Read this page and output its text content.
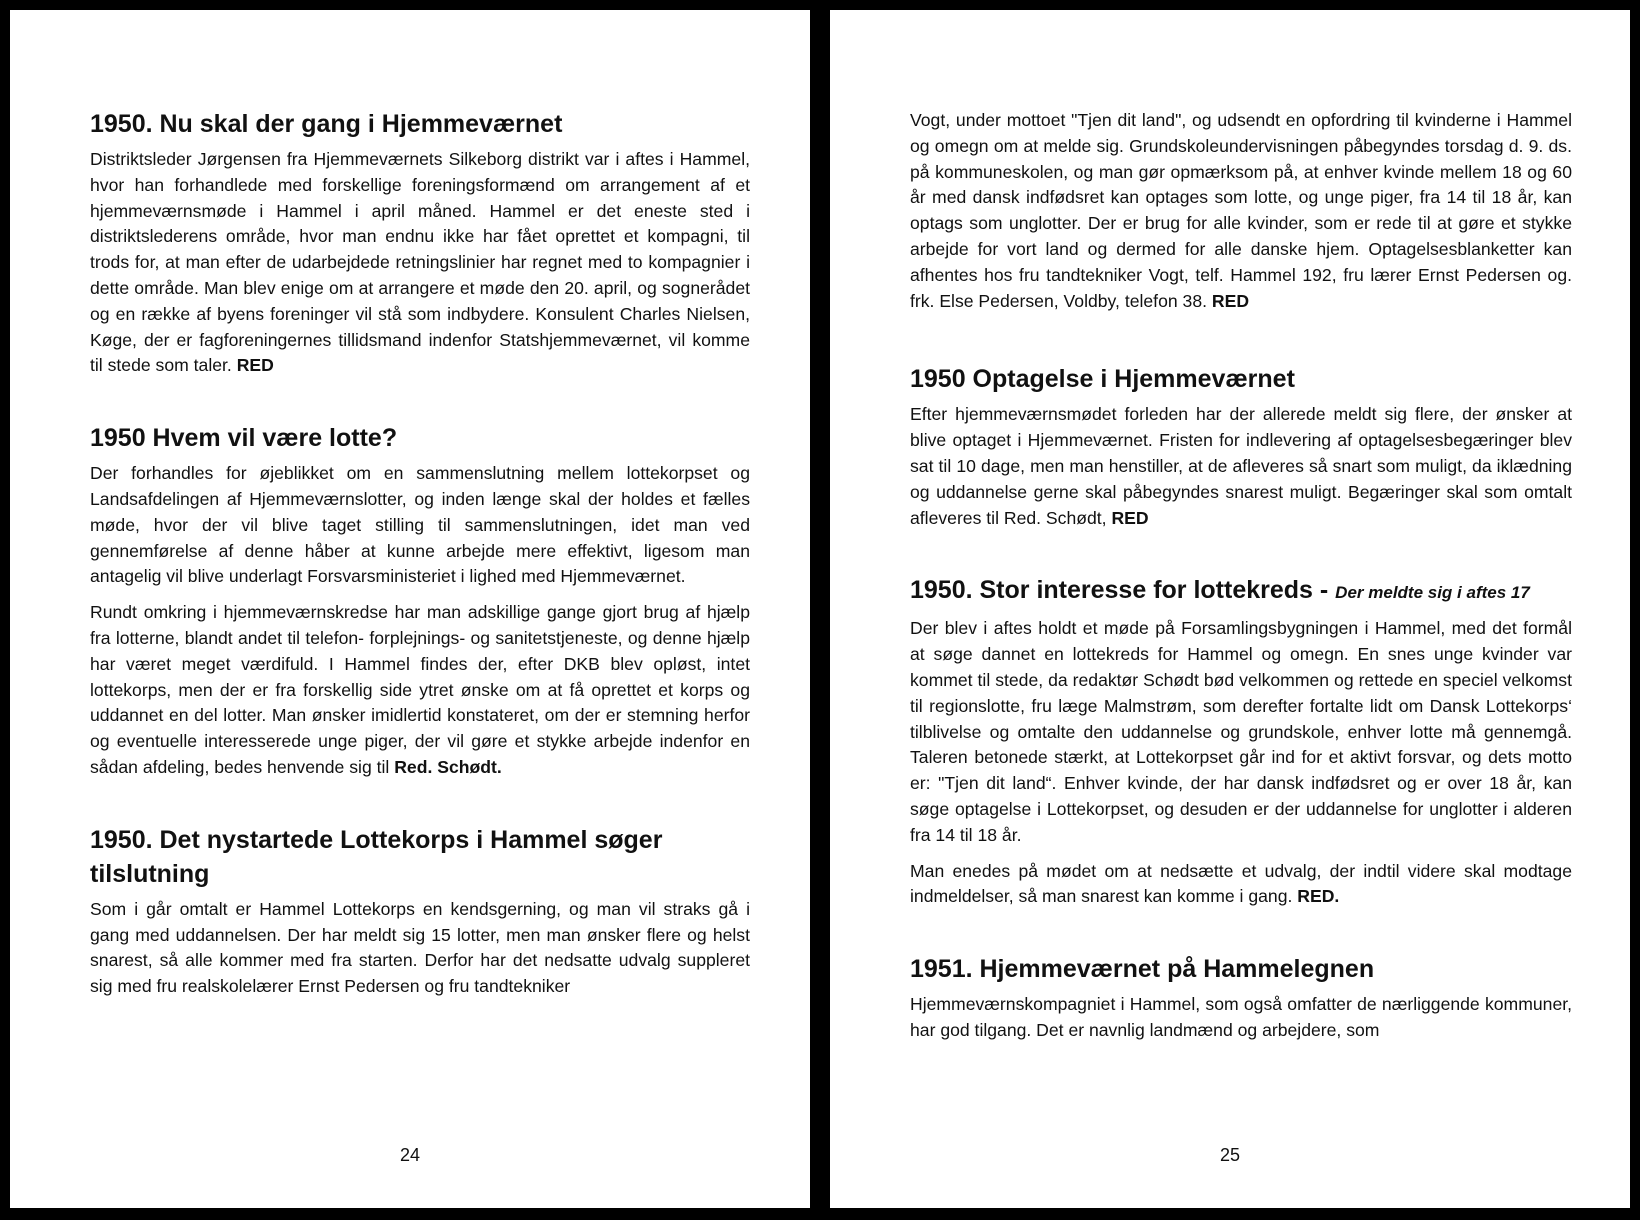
1950. Nu skal der gang i Hjemmeværnet

Distriktsleder Jørgensen fra Hjemmeværnets Silkeborg distrikt var i aftes i Hammel, hvor han forhandlede med forskellige foreningsformænd om arrangement af et hjemmeværnsmøde i Hammel i april måned. Hammel er det eneste sted i distriktslederens område, hvor man endnu ikke har fået oprettet et kompagni, til trods for, at man efter de udarbejdede retningslinier har regnet med to kompagnier i dette område. Man blev enige om at arrangere et møde den 20. april, og sognerådet og en række af byens foreninger vil stå som indbydere. Konsulent Charles Nielsen, Køge, der er fagforeningernes tillidsmand indenfor Statshjemmeværnet, vil komme til stede som taler. RED

1950 Hvem vil være lotte?

Der forhandles for øjeblikket om en sammenslutning mellem lottekorpset og Landsafdelingen af Hjemmeværnslotter, og inden længe skal der holdes et fælles møde, hvor der vil blive taget stilling til sammenslutningen, idet man ved gennemførelse af denne håber at kunne arbejde mere effektivt, ligesom man antagelig vil blive underlagt Forsvarsministeriet i lighed med Hjemmeværnet.

Rundt omkring i hjemmeværnskredse har man adskillige gange gjort brug af hjælp fra lotterne, blandt andet til telefon- forplejnings- og sanitetstjeneste, og denne hjælp har været meget værdifuld. I Hammel findes der, efter DKB blev opløst, intet lottekorps, men der er fra forskellig side ytret ønske om at få oprettet et korps og uddannet en del lotter. Man ønsker imidlertid konstateret, om der er stemning herfor og eventuelle interesserede unge piger, der vil gøre et stykke arbejde indenfor en sådan afdeling, bedes henvende sig til Red. Schødt.

1950. Det nystartede Lottekorps i Hammel søger tilslutning

Som i går omtalt er Hammel Lottekorps en kendsgerning, og man vil straks gå i gang med uddannelsen. Der har meldt sig 15 lotter, men man ønsker flere og helst snarest, så alle kommer med fra starten. Derfor har det nedsatte udvalg suppleret sig med fru realskolelærer Ernst Pedersen og fru tandtekniker

24

Vogt, under mottoet "Tjen dit land", og udsendt en opfordring til kvinderne i Hammel og omegn om at melde sig. Grundskoleundervisningen påbegyndes torsdag d. 9. ds. på kommuneskolen, og man gør opmærksom på, at enhver kvinde mellem 18 og 60 år med dansk indfødsret kan optages som lotte, og unge piger, fra 14 til 18 år, kan optags som unglotter. Der er brug for alle kvinder, som er rede til at gøre et stykke arbejde for vort land og dermed for alle danske hjem. Optagelsesblanketter kan afhentes hos fru tandtekniker Vogt, telf. Hammel 192, fru lærer Ernst Pedersen og. frk. Else Pedersen, Voldby, telefon 38. RED

1950 Optagelse i Hjemmeværnet

Efter hjemmeværnsmødet forleden har der allerede meldt sig flere, der ønsker at blive optaget i Hjemmeværnet. Fristen for indlevering af optagelsesbegæringer blev sat til 10 dage, men man henstiller, at de afleveres så snart som muligt, da iklædning og uddannelse gerne skal påbegyndes snarest muligt. Begæringer skal som omtalt afleveres til Red. Schødt, RED

1950. Stor interesse for lottekreds - Der meldte sig i aftes 17

Der blev i aftes holdt et møde på Forsamlingsbygningen i Hammel, med det formål at søge dannet en lottekreds for Hammel og omegn. En snes unge kvinder var kommet til stede, da redaktør Schødt bød velkommen og rettede en speciel velkomst til regionslotte, fru læge Malmstrøm, som derefter fortalte lidt om Dansk Lottekorps‘ tilblivelse og omtalte den uddannelse og grundskole, enhver lotte må gennemgå. Taleren betonede stærkt, at Lottekorpset går ind for et aktivt forsvar, og dets motto er: "Tjen dit land“. Enhver kvinde, der har dansk indfødsret og er over 18 år, kan søge optagelse i Lottekorpset, og desuden er der uddannelse for unglotter i alderen fra 14 til 18 år.

Man enedes på mødet om at nedsætte et udvalg, der indtil videre skal modtage indmeldelser, så man snarest kan komme i gang. RED.

1951. Hjemmeværnet på Hammelegnen

Hjemmeværnskompagniet i Hammel, som også omfatter de nærliggende kommuner, har god tilgang. Det er navnlig landmænd og arbejdere, som

25
